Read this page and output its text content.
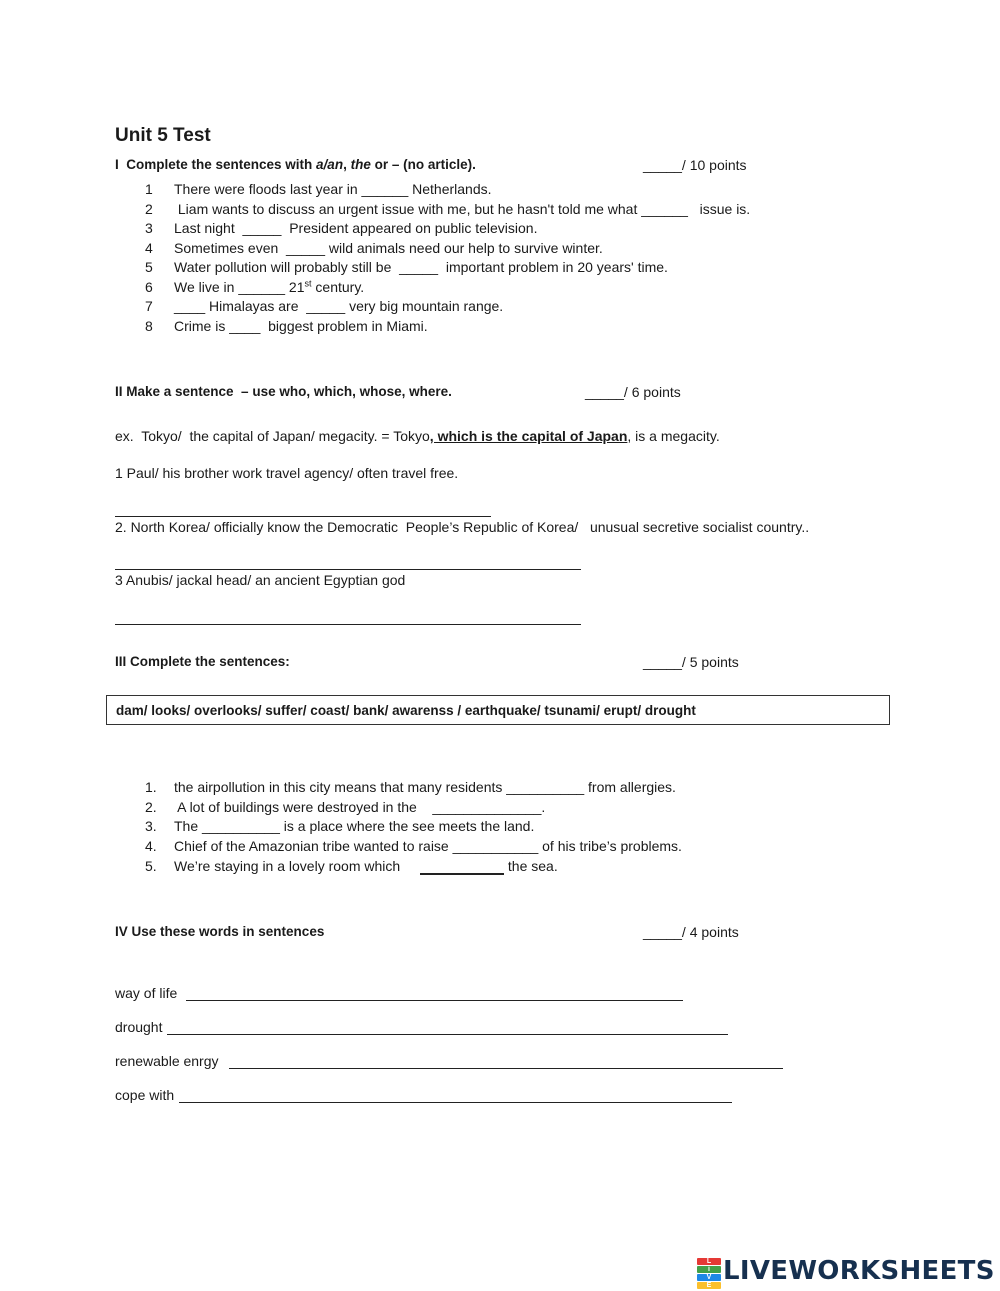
Unit 5 Test
I  Complete the sentences with a/an, the or – (no article).	_____/ 10 points
1	There were floods last year in ______ Netherlands.
2	Liam wants to discuss an urgent issue with me, but he hasn't told me what ______   issue is.
3	Last night  _____  President appeared on public television.
4	Sometimes even  _____ wild animals need our help to survive winter.
5	Water pollution will probably still be  _____  important problem in 20 years' time.
6	We live in ______ 21st century.
7	____ Himalayas are  _____ very big mountain range.
8	Crime is ____  biggest problem in Miami.
II Make a sentence  – use who, which, whose, where.	_____/ 6 points
ex.  Tokyo/  the capital of Japan/ megacity. = Tokyo, which is the capital of Japan, is a megacity.
1 Paul/ his brother work travel agency/ often travel free.
2. North Korea/ officially know the Democratic  People’s Republic of Korea/   unusual secretive socialist country..
3 Anubis/ jackal head/ an ancient Egyptian god
III Complete the sentences:	_____/ 5 points
dam/ looks/ overlooks/ suffer/ coast/ bank/ awarenss / earthquake/ tsunami/ erupt/ drought
1.	the airpollution in this city means that many residents __________ from allergies.
2.	A lot of buildings were destroyed in the    ______________.
3.	The __________ is a place where the see meets the land.
4.	Chief of the Amazonian tribe wanted to raise ___________ of his tribe’s problems.
5.	We’re staying in a lovely room which	the sea.
IV Use these words in sentences	_____/ 4 points
way of life
drought
renewable enrgy
cope with
L
i
V
E LIVEWORKSHEETS
